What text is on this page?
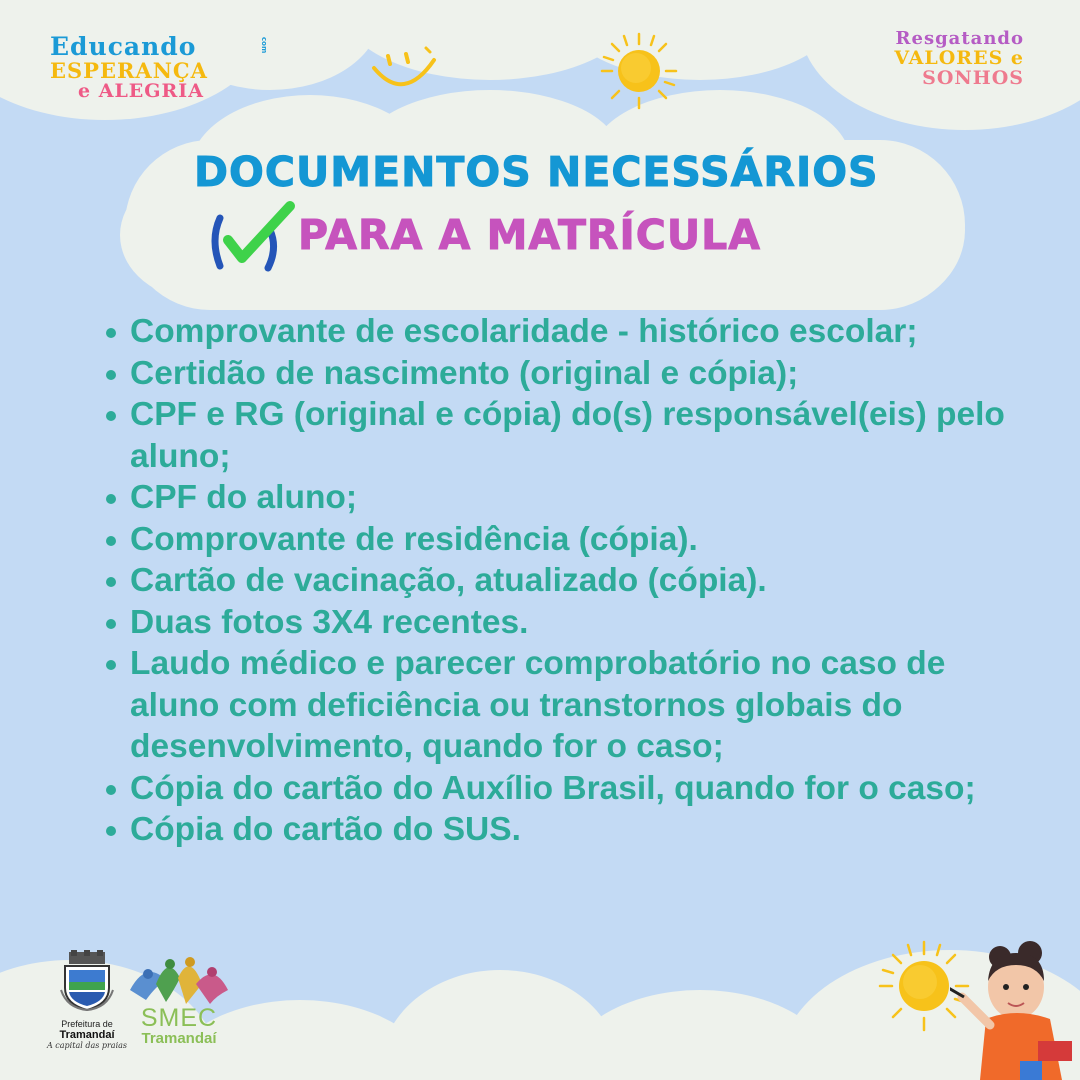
Educando	com
ESPERANÇA
e ALEGRIA
Resgatando
VALORES e
SONHOS
DOCUMENTOS NECESSÁRIOS
PARA A MATRÍCULA
Comprovante de escolaridade - histórico escolar;
Certidão de nascimento (original e cópia);
CPF e RG (original e cópia) do(s) responsável(eis) pelo aluno;
CPF do aluno;
Comprovante de residência (cópia).
Cartão de vacinação, atualizado (cópia).
Duas fotos 3X4 recentes.
Laudo médico e parecer comprobatório no caso de aluno com deficiência ou transtornos globais do desenvolvimento, quando for o caso;
Cópia do cartão do Auxílio Brasil, quando for o caso;
Cópia do cartão do SUS.
Prefeitura de
Tramandaí
A capital das praias
SMEC
Tramandaí
